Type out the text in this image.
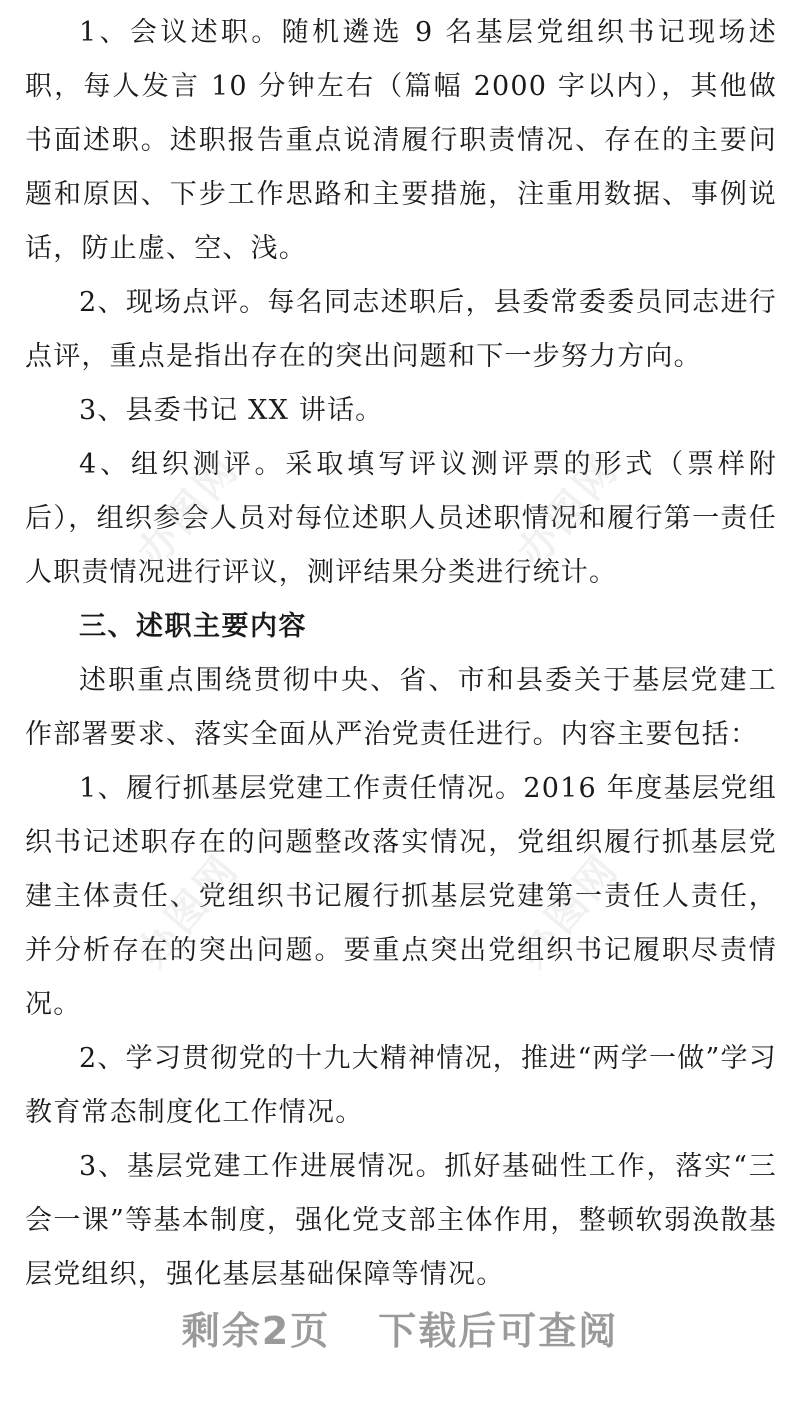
1、会议述职。随机遴选 9 名基层党组织书记现场述职，每人发言 10 分钟左右（篇幅 2000 字以内），其他做书面述职。述职报告重点说清履行职责情况、存在的主要问题和原因、下步工作思路和主要措施，注重用数据、事例说话，防止虚、空、浅。

2、现场点评。每名同志述职后，县委常委委员同志进行点评，重点是指出存在的突出问题和下一步努力方向。

3、县委书记 XX 讲话。

4、组织测评。采取填写评议测评票的形式（票样附后），组织参会人员对每位述职人员述职情况和履行第一责任人职责情况进行评议，测评结果分类进行统计。

三、述职主要内容

述职重点围绕贯彻中央、省、市和县委关于基层党建工作部署要求、落实全面从严治党责任进行。内容主要包括：

1、履行抓基层党建工作责任情况。2016 年度基层党组织书记述职存在的问题整改落实情况，党组织履行抓基层党建主体责任、党组织书记履行抓基层党建第一责任人责任，并分析存在的突出问题。要重点突出党组织书记履职尽责情况。

2、学习贯彻党的十九大精神情况，推进“两学一做”学习教育常态制度化工作情况。

3、基层党建工作进展情况。抓好基础性工作，落实“三会一课”等基本制度，强化党支部主体作用，整顿软弱涣散基层党组织，强化基层基础保障等情况。

办图网	办图网
办图网	办图网
剩余2页 下载后可查阅
